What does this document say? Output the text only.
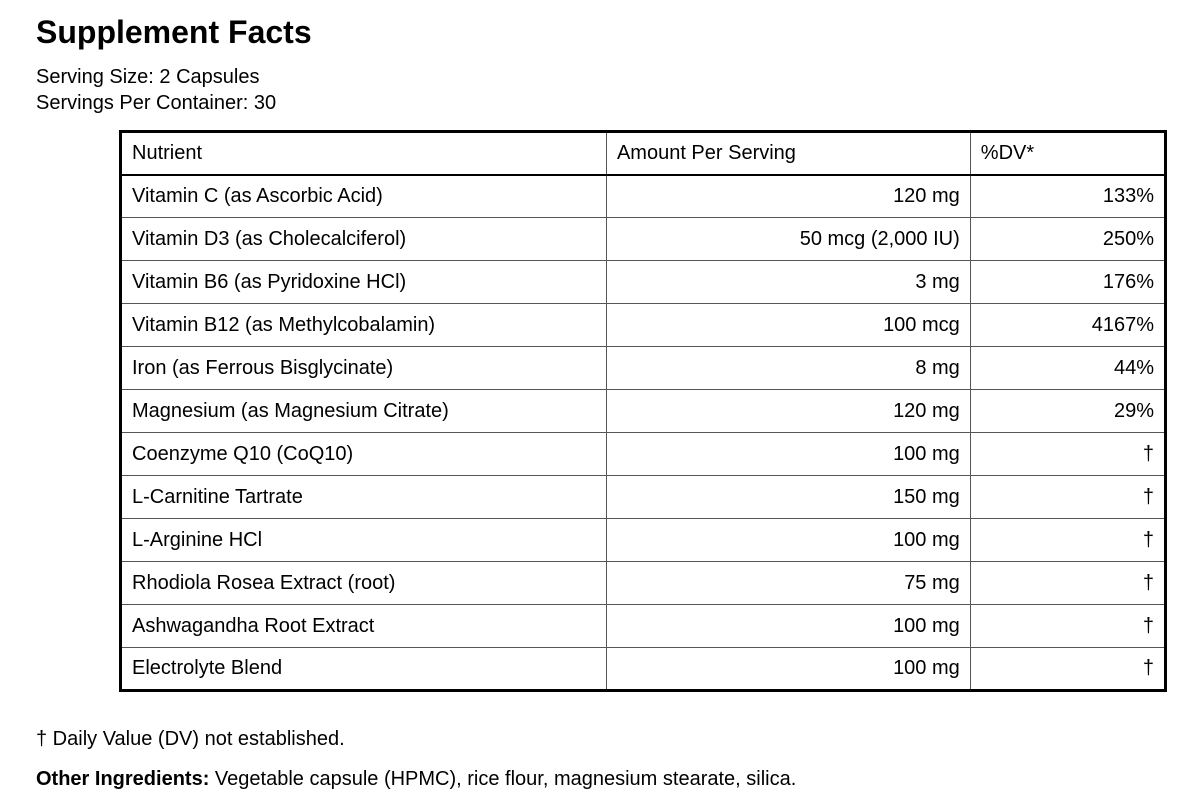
Supplement Facts
Serving Size: 2 Capsules
Servings Per Container: 30
Nutrient	Amount Per Serving	%DV*
Vitamin C (as Ascorbic Acid)	120 mg	133%
Vitamin D3 (as Cholecalciferol)	50 mcg (2,000 IU)	250%
Vitamin B6 (as Pyridoxine HCl)	3 mg	176%
Vitamin B12 (as Methylcobalamin)	100 mcg	4167%
Iron (as Ferrous Bisglycinate)	8 mg	44%
Magnesium (as Magnesium Citrate)	120 mg	29%
Coenzyme Q10 (CoQ10)	100 mg	†
L-Carnitine Tartrate	150 mg	†
L-Arginine HCl	100 mg	†
Rhodiola Rosea Extract (root)	75 mg	†
Ashwagandha Root Extract	100 mg	†
Electrolyte Blend	100 mg	†
† Daily Value (DV) not established.
Other Ingredients: Vegetable capsule (HPMC), rice flour, magnesium stearate, silica.
